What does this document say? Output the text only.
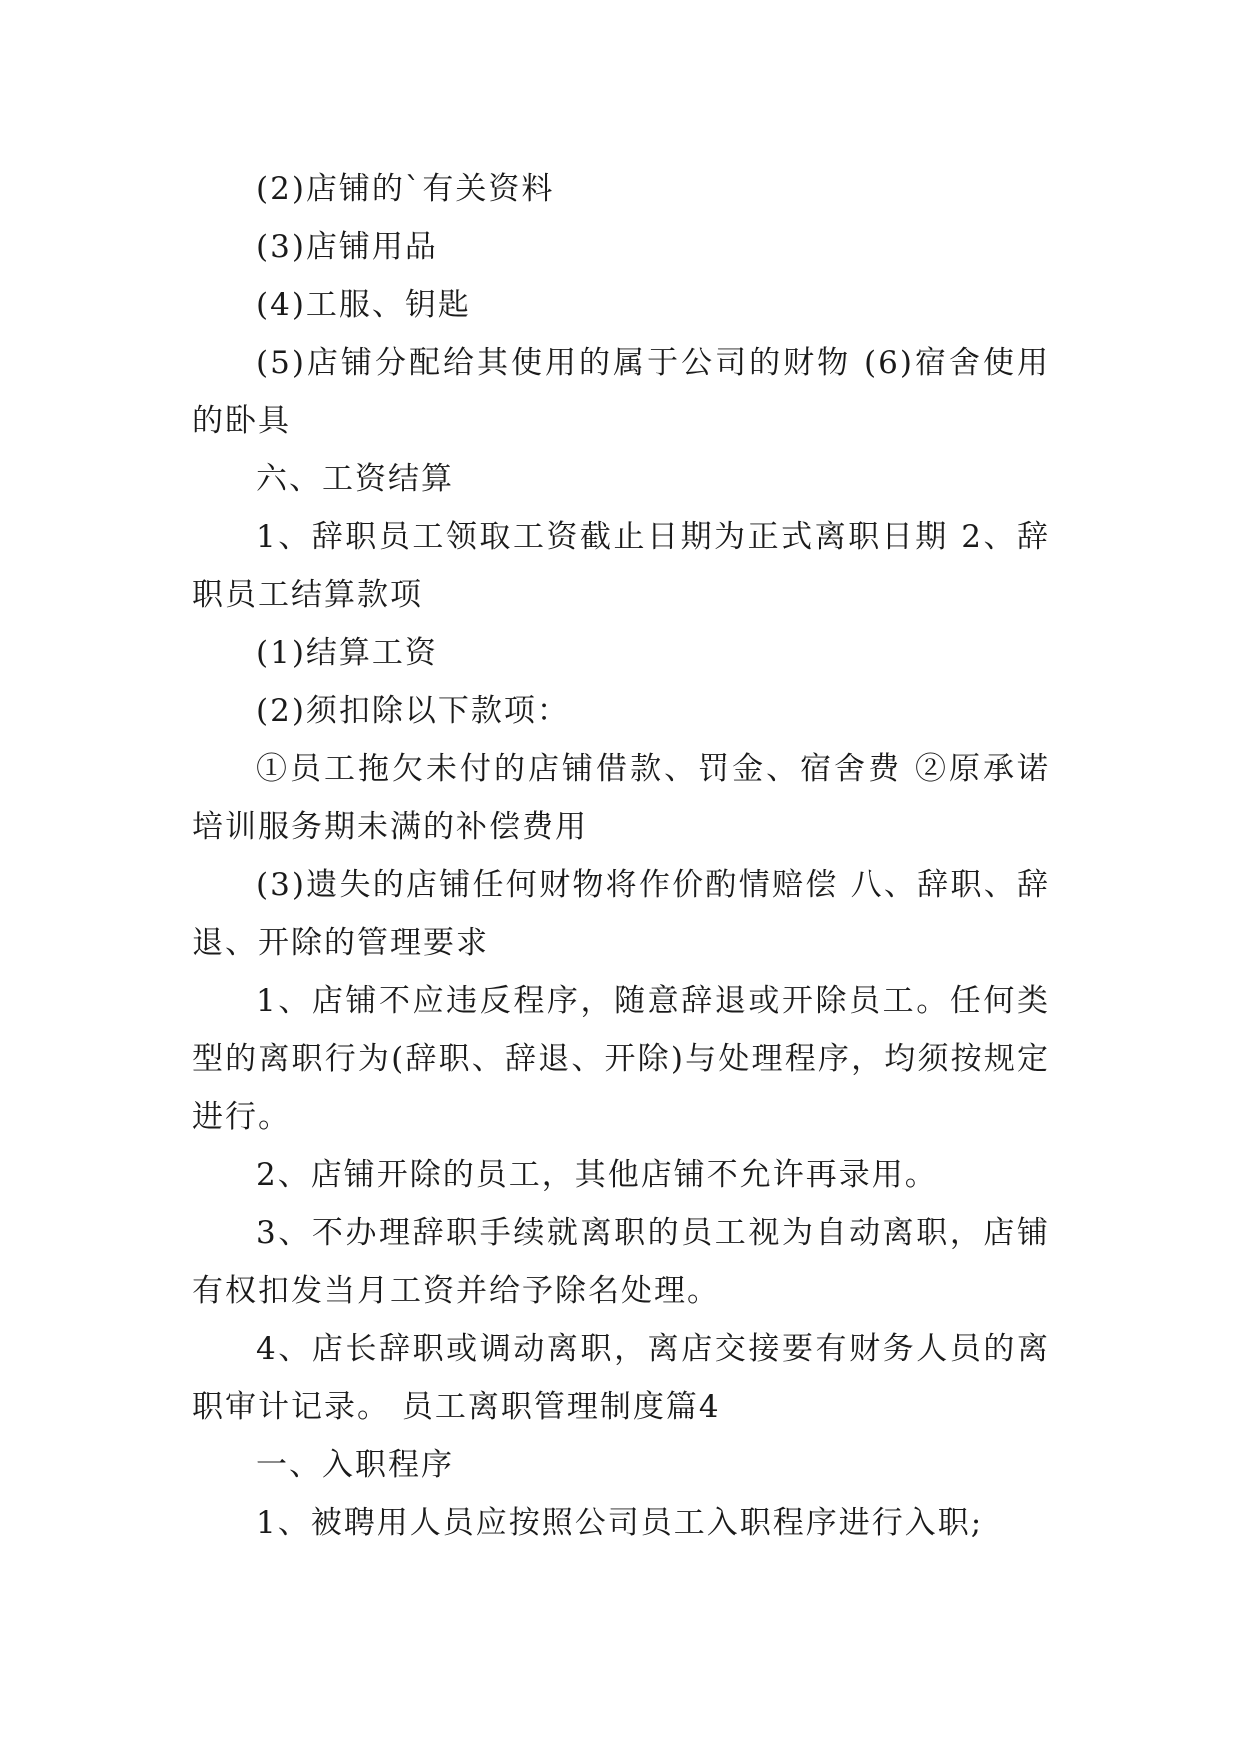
(2)店铺的`有关资料

(3)店铺用品

(4)工服、钥匙

(5)店铺分配给其使用的属于公司的财物 (6)宿舍使用的卧具

六、工资结算

1、辞职员工领取工资截止日期为正式离职日期 2、辞职员工结算款项

(1)结算工资

(2)须扣除以下款项：

①员工拖欠未付的店铺借款、罚金、宿舍费 ②原承诺培训服务期未满的补偿费用

(3)遗失的店铺任何财物将作价酌情赔偿 八、辞职、辞退、开除的管理要求

1、店铺不应违反程序，随意辞退或开除员工。任何类型的离职行为(辞职、辞退、开除)与处理程序，均须按规定进行。

2、店铺开除的员工，其他店铺不允许再录用。

3、不办理辞职手续就离职的员工视为自动离职，店铺有权扣发当月工资并给予除名处理。

4、店长辞职或调动离职，离店交接要有财务人员的离职审计记录。 员工离职管理制度篇4

一、入职程序

1、被聘用人员应按照公司员工入职程序进行入职;
